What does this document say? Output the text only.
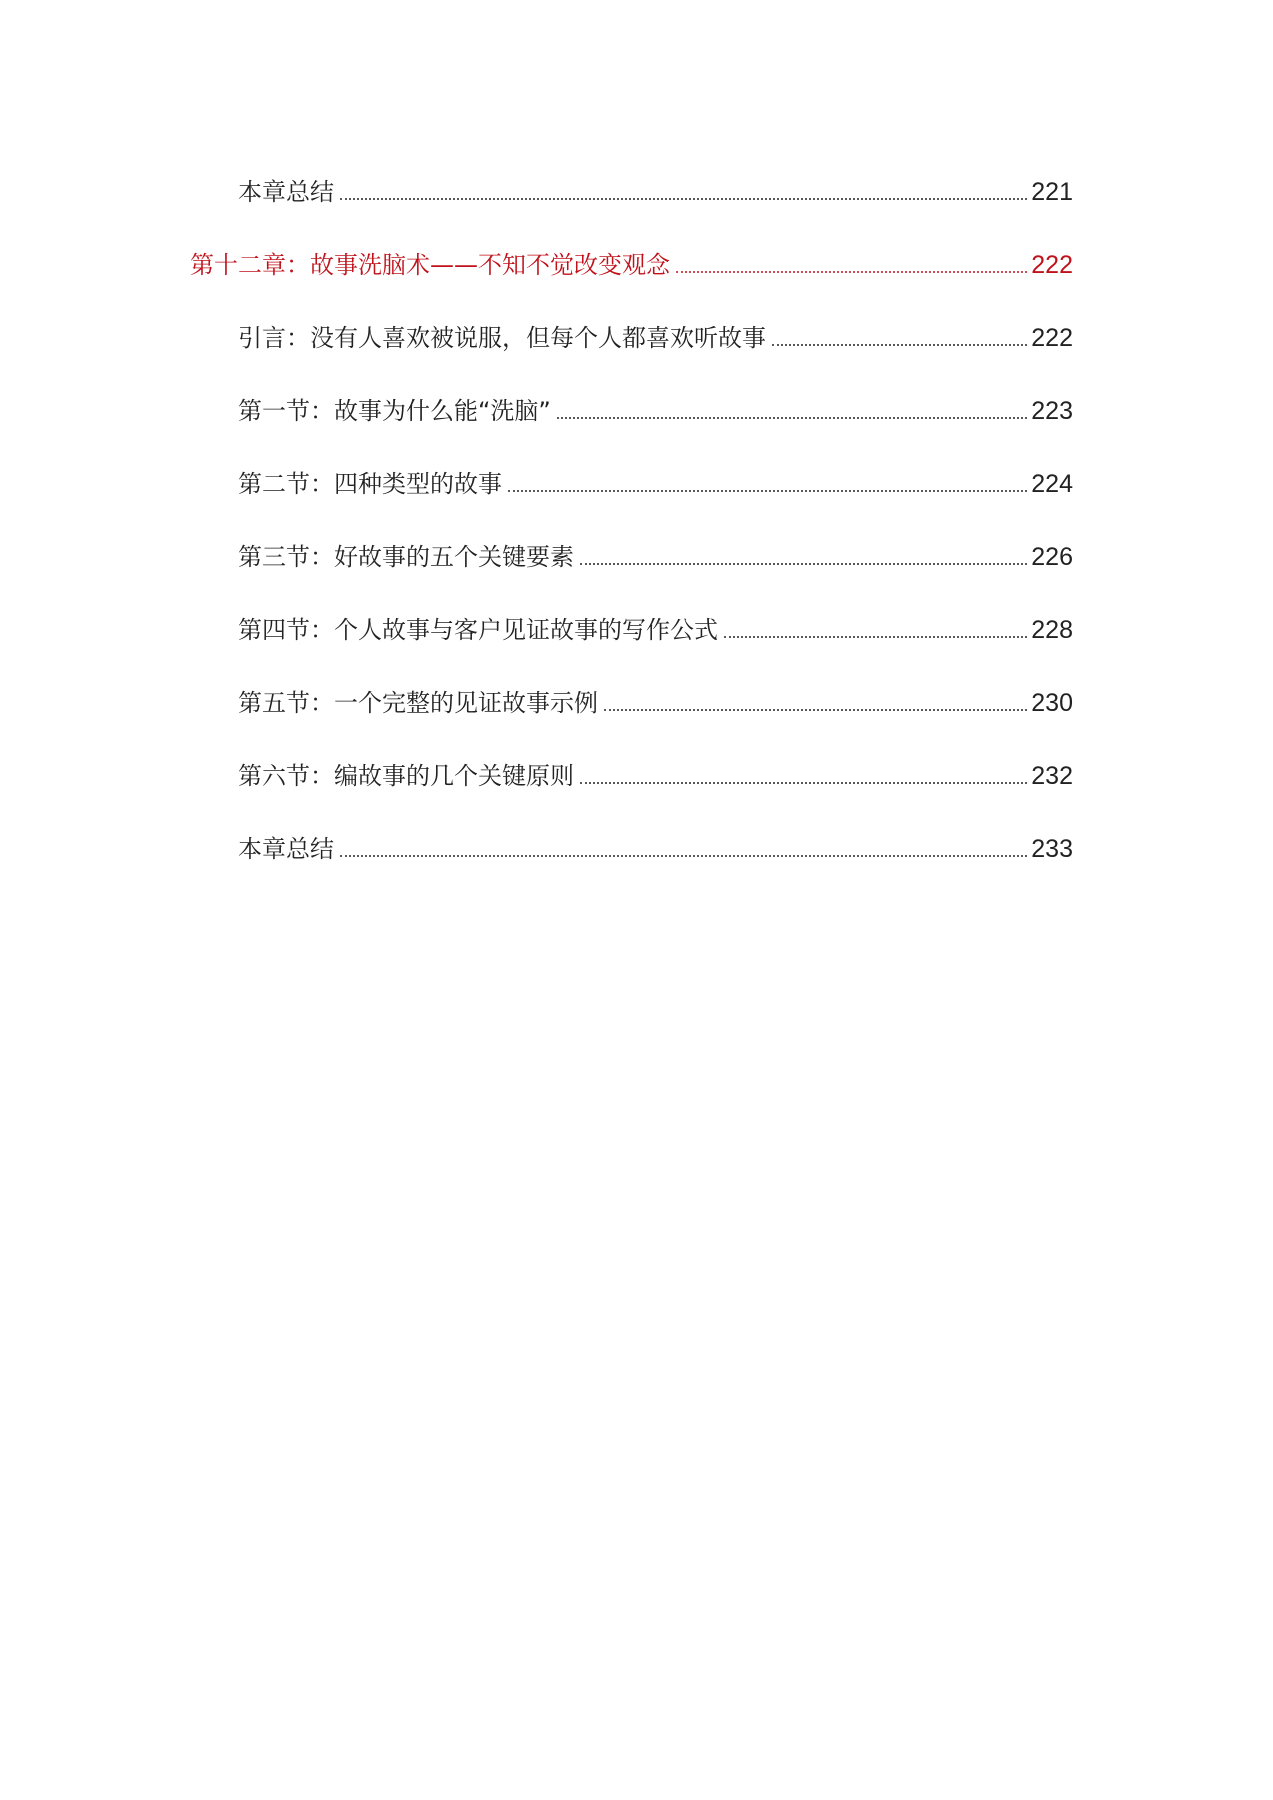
本章总结	221
第十二章：故事洗脑术——不知不觉改变观念	222
引言：没有人喜欢被说服，但每个人都喜欢听故事	222
第一节：故事为什么能“洗脑”	223
第二节：四种类型的故事	224
第三节：好故事的五个关键要素	226
第四节：个人故事与客户见证故事的写作公式	228
第五节：一个完整的见证故事示例	230
第六节：编故事的几个关键原则	232
本章总结	233
